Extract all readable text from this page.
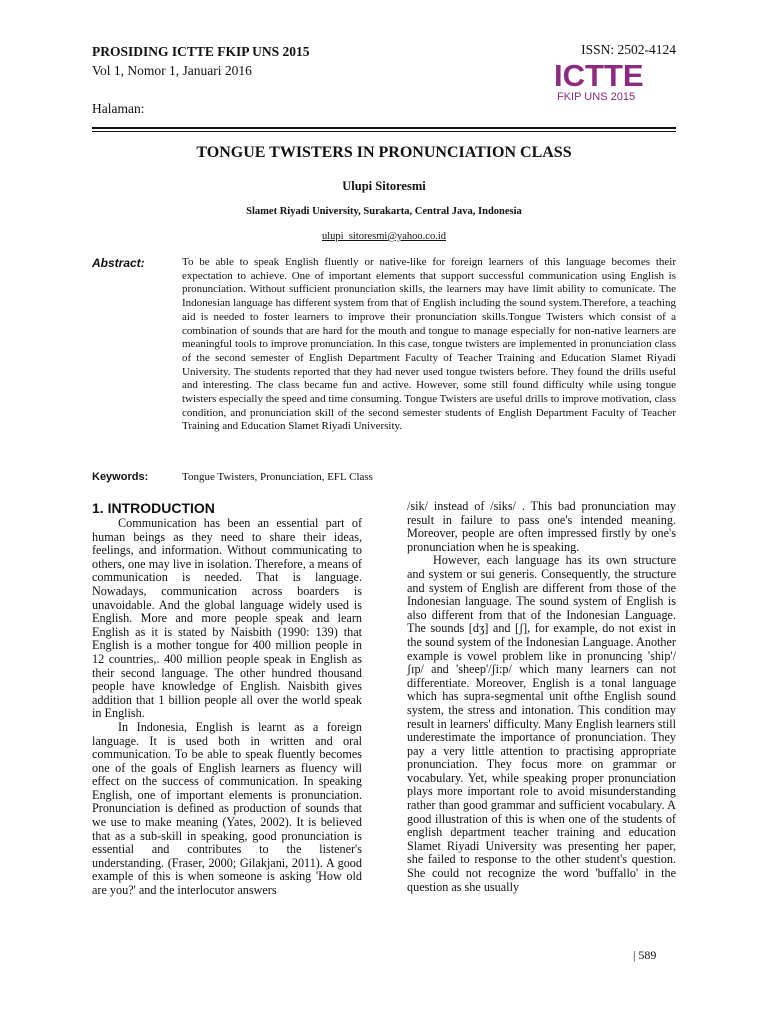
PROSIDING ICTTE FKIP UNS 2015
Vol 1, Nomor 1, Januari 2016
Halaman:
ISSN: 2502-4124
ICTTE
FKIP UNS 2015
TONGUE TWISTERS IN PRONUNCIATION CLASS
Ulupi Sitoresmi
Slamet Riyadi University, Surakarta, Central Java, Indonesia
ulupi_sitoresmi@yahoo.co.id
Abstract:	To be able to speak English fluently or native-like for foreign learners of this language becomes their expectation to achieve. One of important elements that support successful communication using English is pronunciation. Without sufficient pronunciation skills, the learners may have limit ability to comunicate. The Indonesian language has different system from that of English including the sound system.Therefore, a teaching aid is needed to foster learners to improve their pronunciation skills.Tongue Twisters which consist of a combination of sounds that are hard for the mouth and tongue to manage especially for non-native learners are meaningful tools to improve pronunciation. In this case, tongue twisters are implemented in pronunciation class of the second semester of English Department Faculty of Teacher Training and Education Slamet Riyadi University. The students reported that they had never used tongue twisters before. They found the drills useful and interesting. The class became fun and active. However, some still found difficulty while using tongue twisters especially the speed and time consuming. Tongue Twisters are useful drills to improve motivation, class condition, and pronunciation skill of the second semester students of English Department Faculty of Teacher Training and Education Slamet Riyadi University.
Keywords:	Tongue Twisters, Pronunciation, EFL Class
1. INTRODUCTION

Communication has been an essential part of human beings as they need to share their ideas, feelings, and information. Without communicating to others, one may live in isolation. Therefore, a means of communication is needed. That is language. Nowadays, communication across boarders is unavoidable. And the global language widely used is English. More and more people speak and learn English as it is stated by Naisbith (1990: 139) that English is a mother tongue for 400 million people in 12 countries,. 400 million people speak in English as their second language. The other hundred thousand people have knowledge of English. Naisbith gives addition that 1 billion people all over the world speak in English.

In Indonesia, English is learnt as a foreign language. It is used both in written and oral communication. To be able to speak fluently becomes one of the goals of English learners as fluency will effect on the success of communication. In speaking English, one of important elements is pronunciation. Pronunciation is defined as production of sounds that we use to make meaning (Yates, 2002). It is believed that as a sub-skill in speaking, good pronunciation is essential and contributes to the listener's understanding. (Fraser, 2000; Gilakjani, 2011). A good example of this is when someone is asking 'How old are you?' and the interlocutor answers

/sik/ instead of /siks/ . This bad pronunciation may result in failure to pass one's intended meaning. Moreover, people are often impressed firstly by one's pronunciation when he is speaking.

However, each language has its own structure and system or sui generis. Consequently, the structure and system of English are different from those of the Indonesian language. The sound system of English is also different from that of the Indonesian Language. The sounds [dʒ] and [ʃ], for example, do not exist in the sound system of the Indonesian Language. Another example is vowel problem like in pronuncing 'ship'/ʃɪp/ and 'sheep'/ʃi:p/ which many learners can not differentiate. Moreover, English is a tonal language which has supra-segmental unit ofthe English sound system, the stress and intonation. This condition may result in learners' difficulty. Many English learners still underestimate the importance of pronunciation. They pay a very little attention to practising appropriate pronunciation. They focus more on grammar or vocabulary. Yet, while speaking proper pronunciation plays more important role to avoid misunderstanding rather than good grammar and sufficient vocabulary. A good illustration of this is when one of the students of english department teacher training and education Slamet Riyadi University was presenting her paper, she failed to response to the other student's question. She could not recognize the word 'buffallo' in the question as she usually

| 589
